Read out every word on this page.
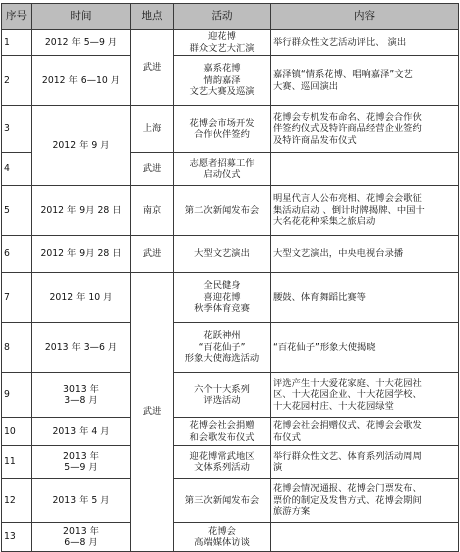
序号	时间	地点	活动	内容
1	2012 年 5—9 月	武进	迎花博
群众文艺大汇演	举行群众性文艺活动评比、 演出

2	2012 年 6—10 月		嘉系花博
情韵嘉泽
文艺大赛及巡演	嘉泽镇“情系花博、唱响嘉泽”文艺
大赛、巡回演出

3	2012 年 9 月	上海	花博会市场开发
合作伙伴签约	花博会专机发布命名、花博会合作伙
伴签约仪式及特许商品经营企业签约
及特许商品发布仪式

4		武进	志愿者招募工作
启动仪式	

5	2012 年 9月 28 日	南京	第二次新闻发布会	明星代言人公布亮相、花博会会歌征
集活动启动 、倒计时牌揭牌、中国十
大名花花种采集之旅启动

6	2012 年 9月 28 日	武进	大型文艺演出	大型文艺演出，中央电视台录播

7	2012 年 10 月	武进	全民健身
喜迎花博
秋季体育竞赛	腰鼓、体育舞蹈比赛等

8	2013 年 3—6 月		花跃神州
“百花仙子”
形象大使海选活动	“百花仙子”形象大使揭晓

9	3013 年
3—8 月		六个十大系列
评选活动	评选产生十大爱花家庭、十大花园社
区、十大花园企业、十大花园学校、
十大花园村庄、十大花园绿堂

10	2013 年 4 月		花博会社会捐赠
和会歌发布仪式	花博会社会捐赠仪式、花博会会歌发
布仪式

11	2013 年
5—9 月		迎花博常武地区
文体系列活动	举行群众性文艺、体育系列活动周周
演

12	2013 年 5 月		第三次新闻发布会	花博会情况通报、花博会门票发布、
票价的制定及发售方式、花博会期间
旅游方案

13	2013 年
6—8 月		花博会
高端媒体访谈	
